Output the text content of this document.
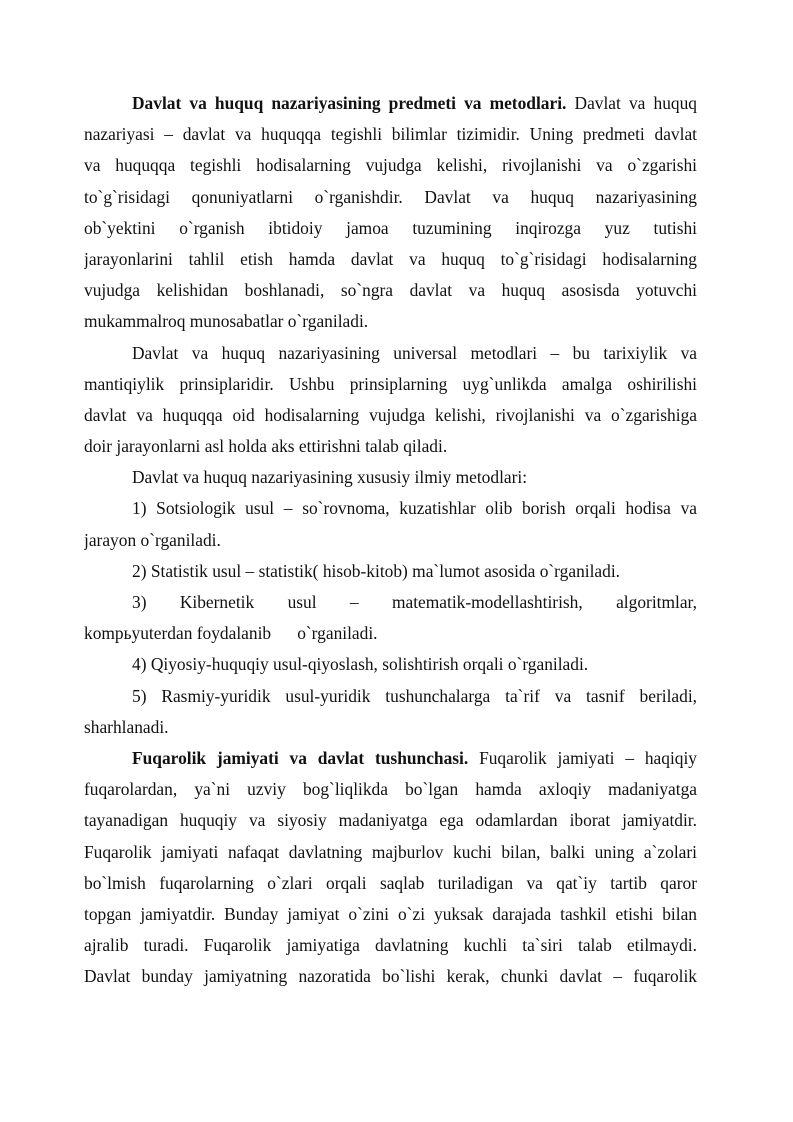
Davlat va huquq nazariyasining predmeti va metodlari. Davlat va huquq
nazariyasi – davlat va huquqqa tegishli bilimlar tizimidir. Uning predmeti davlat
va huquqqa tegishli hodisalarning vujudga kelishi, rivojlanishi va o`zgarishi
to`g`risidagi qonuniyatlarni o`rganishdir. Davlat va huquq nazariyasining
ob`yektini o`rganish ibtidoiy jamoa tuzumining inqirozga yuz tutishi
jarayonlarini tahlil etish hamda davlat va huquq to`g`risidagi hodisalarning
vujudga kelishidan boshlanadi, so`ngra davlat va huquq asosisda yotuvchi
mukammalroq munosabatlar o`rganiladi.
Davlat va huquq nazariyasining universal metodlari – bu tarixiylik va
mantiqiylik prinsiplaridir. Ushbu prinsiplarning uyg`unlikda amalga oshirilishi
davlat va huquqqa oid hodisalarning vujudga kelishi, rivojlanishi va o`zgarishiga
doir jarayonlarni asl holda aks ettirishni talab qiladi.
Davlat va huquq nazariyasining xususiy ilmiy metodlari:
1) Sotsiologik usul – so`rovnoma, kuzatishlar olib borish orqali hodisa va
jarayon o`rganiladi.
2) Statistik usul – statistik( hisob-kitob) ma`lumot asosida o`rganiladi.
3) Kibernetik usul – matematik-modellashtirish, algoritmlar,
kompьyuterdan foydalanib      o`rganiladi.
4) Qiyosiy-huquqiy usul-qiyoslash, solishtirish orqali o`rganiladi.
5) Rasmiy-yuridik usul-yuridik tushunchalarga ta`rif va tasnif beriladi,
sharhlanadi.
Fuqarolik jamiyati va davlat tushunchasi. Fuqarolik jamiyati – haqiqiy
fuqarolardan, ya`ni uzviy bog`liqlikda bo`lgan hamda axloqiy madaniyatga
tayanadigan huquqiy va siyosiy madaniyatga ega odamlardan iborat jamiyatdir.
Fuqarolik jamiyati nafaqat davlatning majburlov kuchi bilan, balki uning a`zolari
bo`lmish fuqarolarning o`zlari orqali saqlab turiladigan va qat`iy tartib qaror
topgan jamiyatdir. Bunday jamiyat o`zini o`zi yuksak darajada tashkil etishi bilan
ajralib turadi. Fuqarolik jamiyatiga davlatning kuchli ta`siri talab etilmaydi.
Davlat bunday jamiyatning nazoratida bo`lishi kerak, chunki davlat – fuqarolik
